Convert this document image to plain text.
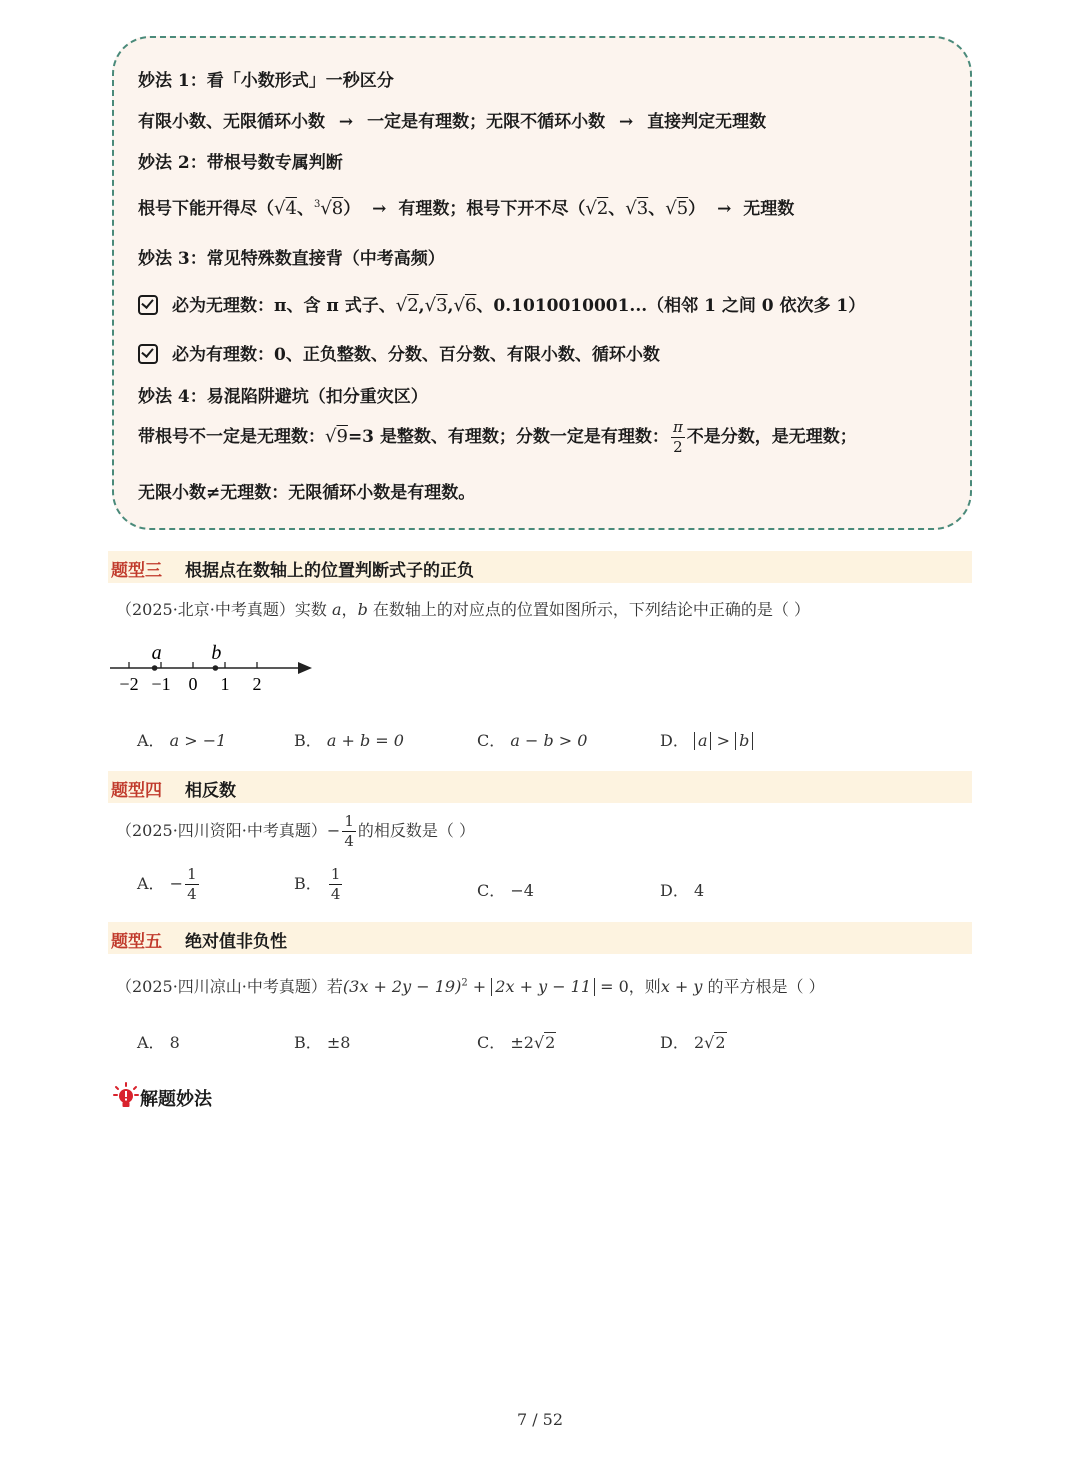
妙法 1：看「小数形式」一秒区分
有限小数、无限循环小数 → 一定是有理数；无限不循环小数 → 直接判定无理数
妙法 2：带根号数专属判断
根号下能开得尽（√4、$^3$√8） → 有理数；根号下开不尽（√2、√3、√5） → 无理数
妙法 3：常见特殊数直接背（中考高频）
必为无理数：π、含 π 式子、√2,√3,√6、0.1010010001...（相邻 1 之间 0 依次多 1）
必为有理数：0、正负整数、分数、百分数、有限小数、循环小数
妙法 4：易混陷阱避坑（扣分重灾区）
带根号不一定是无理数：√9=3 是整数、有理数；分数一定是有理数： $\frac{\pi}{2}$ 不是分数，是无理数；
无限小数≠无理数：无限循环小数是有理数。
题型三 根据点在数轴上的位置判断式子的正负
（2025·北京·中考真题）实数 a，b 在数轴上的对应点的位置如图所示，下列结论中正确的是（ ）
−2 −1 0 1 2
a b
A． a > −1	B． a + b = 0	C． a − b > 0	D． a > b
题型四 相反数
（2025·四川资阳·中考真题）− $\frac{1}{4}$ 的相反数是（ ）
A． − $\frac{1}{4}$	B． $\frac{1}{4}$	C． −4	D． 4
题型五 绝对值非负性
（2025·四川凉山·中考真题）若$(3x + 2y - 19)^2 + 2x + y - 11 = 0$，则x + y 的平方根是（ ）
A． 8	B． ±8	C． ±2√2	D． 2√2
解题妙法
7 / 52
